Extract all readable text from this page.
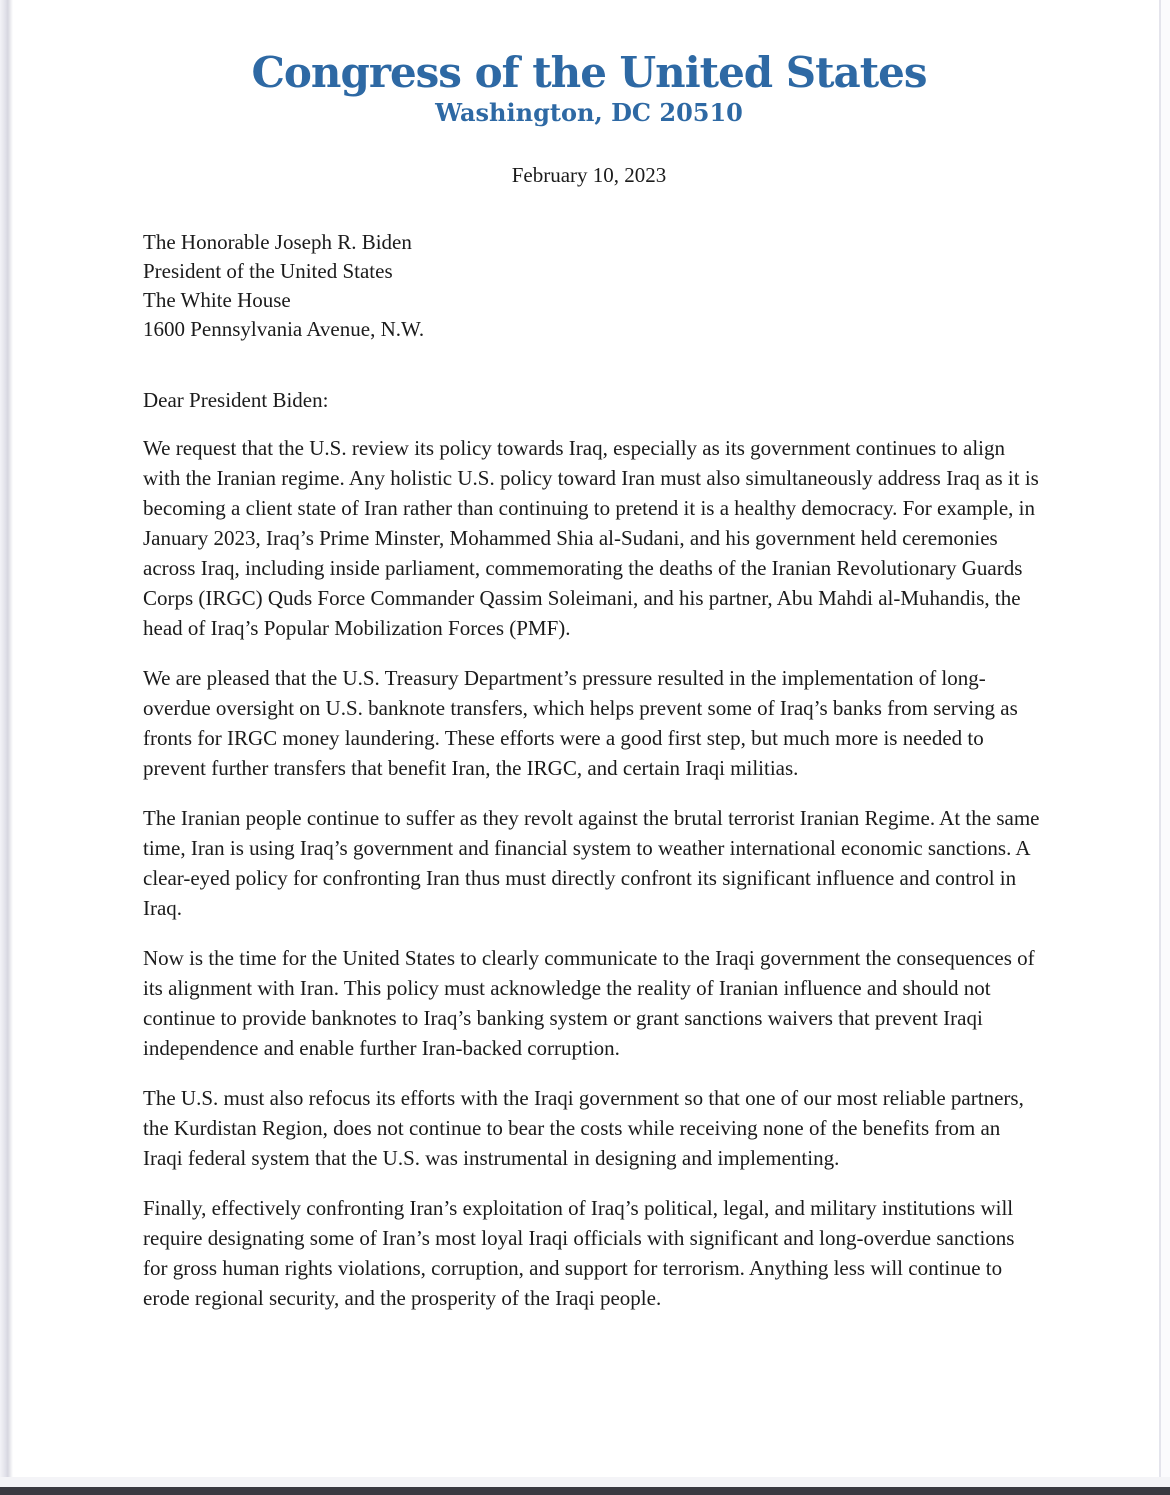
Congress of the United States
Washington, DC 20510
February 10, 2023
The Honorable Joseph R. Biden
President of the United States
The White House
1600 Pennsylvania Avenue, N.W.
Dear President Biden:

We request that the U.S. review its policy towards Iraq, especially as its government continues to align with the Iranian regime. Any holistic U.S. policy toward Iran must also simultaneously address Iraq as it is becoming a client state of Iran rather than continuing to pretend it is a healthy democracy. For example, in January 2023, Iraq’s Prime Minster, Mohammed Shia al-Sudani, and his government held ceremonies across Iraq, including inside parliament, commemorating the deaths of the Iranian Revolutionary Guards Corps (IRGC) Quds Force Commander Qassim Soleimani, and his partner, Abu Mahdi al-Muhandis, the head of Iraq’s Popular Mobilization Forces (PMF).

We are pleased that the U.S. Treasury Department’s pressure resulted in the implementation of long-overdue oversight on U.S. banknote transfers, which helps prevent some of Iraq’s banks from serving as fronts for IRGC money laundering. These efforts were a good first step, but much more is needed to prevent further transfers that benefit Iran, the IRGC, and certain Iraqi militias.

The Iranian people continue to suffer as they revolt against the brutal terrorist Iranian Regime. At the same time, Iran is using Iraq’s government and financial system to weather international economic sanctions. A clear-eyed policy for confronting Iran thus must directly confront its significant influence and control in Iraq.

Now is the time for the United States to clearly communicate to the Iraqi government the consequences of its alignment with Iran. This policy must acknowledge the reality of Iranian influence and should not continue to provide banknotes to Iraq’s banking system or grant sanctions waivers that prevent Iraqi independence and enable further Iran-backed corruption.

The U.S. must also refocus its efforts with the Iraqi government so that one of our most reliable partners, the Kurdistan Region, does not continue to bear the costs while receiving none of the benefits from an Iraqi federal system that the U.S. was instrumental in designing and implementing.

Finally, effectively confronting Iran’s exploitation of Iraq’s political, legal, and military institutions will require designating some of Iran’s most loyal Iraqi officials with significant and long-overdue sanctions for gross human rights violations, corruption, and support for terrorism. Anything less will continue to erode regional security, and the prosperity of the Iraqi people.
